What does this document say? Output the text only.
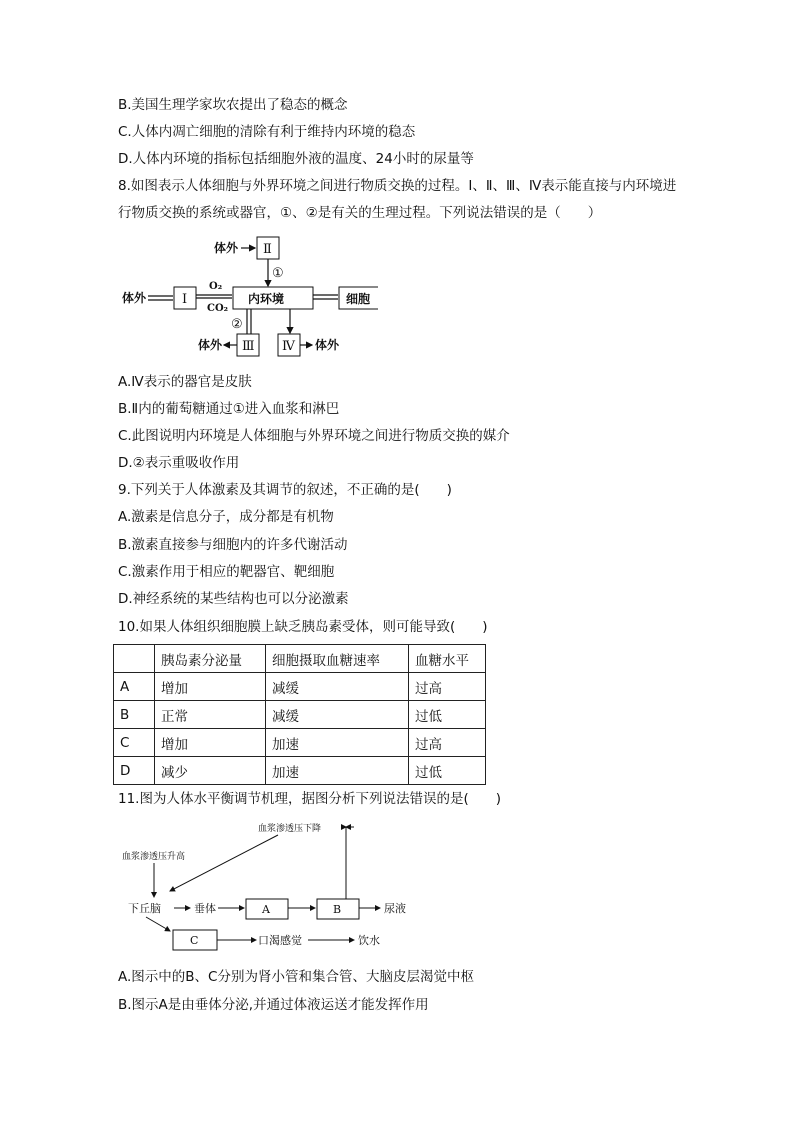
B.美国生理学家坎农提出了稳态的概念
C.人体内凋亡细胞的清除有利于维持内环境的稳态
D.人体内环境的指标包括细胞外液的温度、24小时的尿量等
8.如图表示人体细胞与外界环境之间进行物质交换的过程。Ⅰ、Ⅱ、Ⅲ、Ⅳ表示能直接与内环境进行物质交换的系统或器官，①、②是有关的生理过程。下列说法错误的是（　　）
体外 Ⅱ
①
体外	Ⅰ
O₂
CO₂
内环境	细胞
②
Ⅲ
体外	Ⅳ 体外
A.Ⅳ表示的器官是皮肤
B.Ⅱ内的葡萄糖通过①进入血浆和淋巴
C.此图说明内环境是人体细胞与外界环境之间进行物质交换的媒介
D.②表示重吸收作用
9.下列关于人体激素及其调节的叙述，不正确的是(　　)
A.激素是信息分子，成分都是有机物
B.激素直接参与细胞内的许多代谢活动
C.激素作用于相应的靶器官、靶细胞
D.神经系统的某些结构也可以分泌激素
10.如果人体组织细胞膜上缺乏胰岛素受体，则可能导致(　　)
	胰岛素分泌量	细胞摄取血糖速率	血糖水平
A	增加	减缓	过高
B	正常	减缓	过低
C	增加	加速	过高
D	减少	加速	过低
11.图为人体水平衡调节机理，据图分析下列说法错误的是(　　)
血浆渗透压下降
血浆渗透压升高
下丘脑	垂体	A	B	尿液
C	口渴感觉	饮水
A.图示中的B、C分别为肾小管和集合管、大脑皮层渴觉中枢
B.图示A是由垂体分泌,并通过体液运送才能发挥作用
